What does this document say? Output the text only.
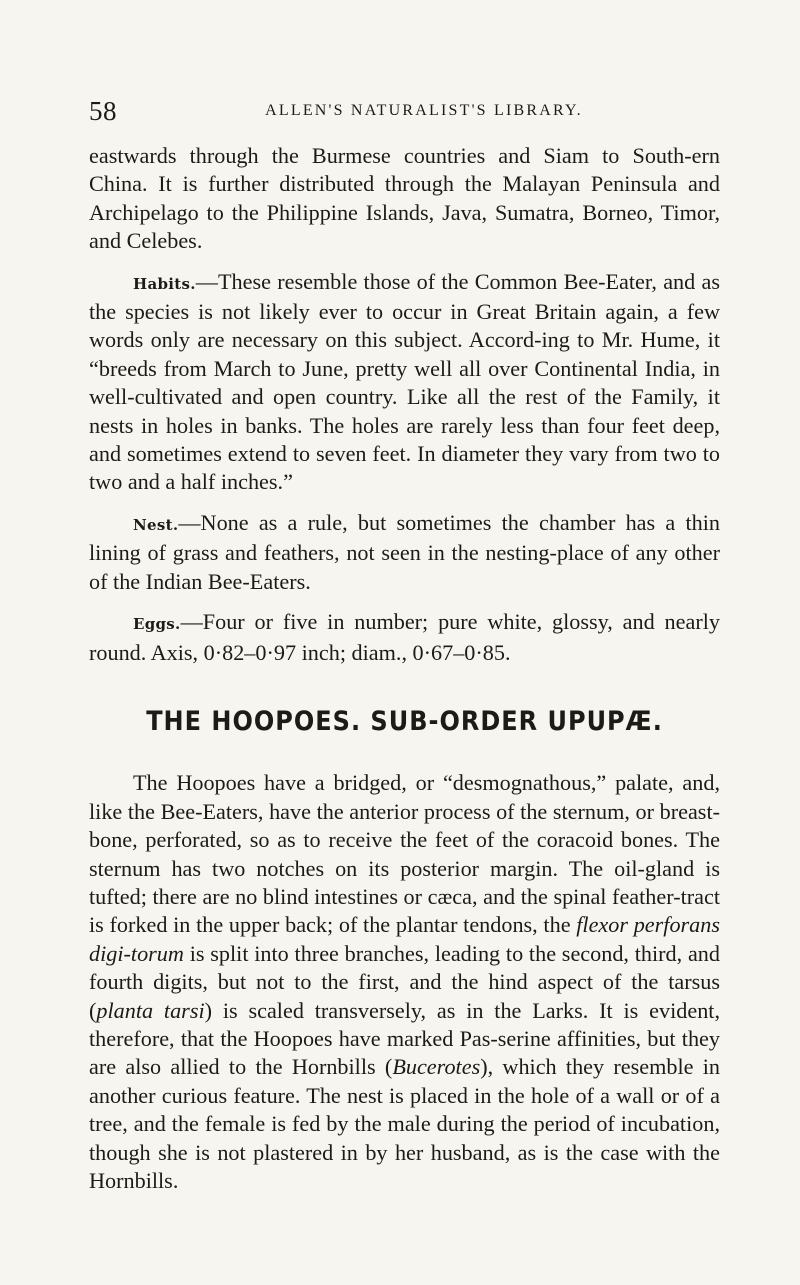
58	ALLEN'S NATURALIST'S LIBRARY.

eastwards through the Burmese countries and Siam to South-ern China. It is further distributed through the Malayan Peninsula and Archipelago to the Philippine Islands, Java, Sumatra, Borneo, Timor, and Celebes.

Habits.—These resemble those of the Common Bee-Eater, and as the species is not likely ever to occur in Great Britain again, a few words only are necessary on this subject. Accord-ing to Mr. Hume, it “breeds from March to June, pretty well all over Continental India, in well-cultivated and open country. Like all the rest of the Family, it nests in holes in banks. The holes are rarely less than four feet deep, and sometimes extend to seven feet. In diameter they vary from two to two and a half inches.”

Nest.—None as a rule, but sometimes the chamber has a thin lining of grass and feathers, not seen in the nesting-place of any other of the Indian Bee-Eaters.

Eggs.—Four or five in number; pure white, glossy, and nearly round. Axis, 0·82–0·97 inch; diam., 0·67–0·85.

THE HOOPOES. SUB-ORDER UPUPÆ.

The Hoopoes have a bridged, or “desmognathous,” palate, and, like the Bee-Eaters, have the anterior process of the sternum, or breast-bone, perforated, so as to receive the feet of the coracoid bones. The sternum has two notches on its posterior margin. The oil-gland is tufted; there are no blind intestines or cæca, and the spinal feather-tract is forked in the upper back; of the plantar tendons, the flexor perforans digi-torum is split into three branches, leading to the second, third, and fourth digits, but not to the first, and the hind aspect of the tarsus (planta tarsi) is scaled transversely, as in the Larks. It is evident, therefore, that the Hoopoes have marked Pas-serine affinities, but they are also allied to the Hornbills (Bucerotes), which they resemble in another curious feature. The nest is placed in the hole of a wall or of a tree, and the female is fed by the male during the period of incubation, though she is not plastered in by her husband, as is the case with the Hornbills.
